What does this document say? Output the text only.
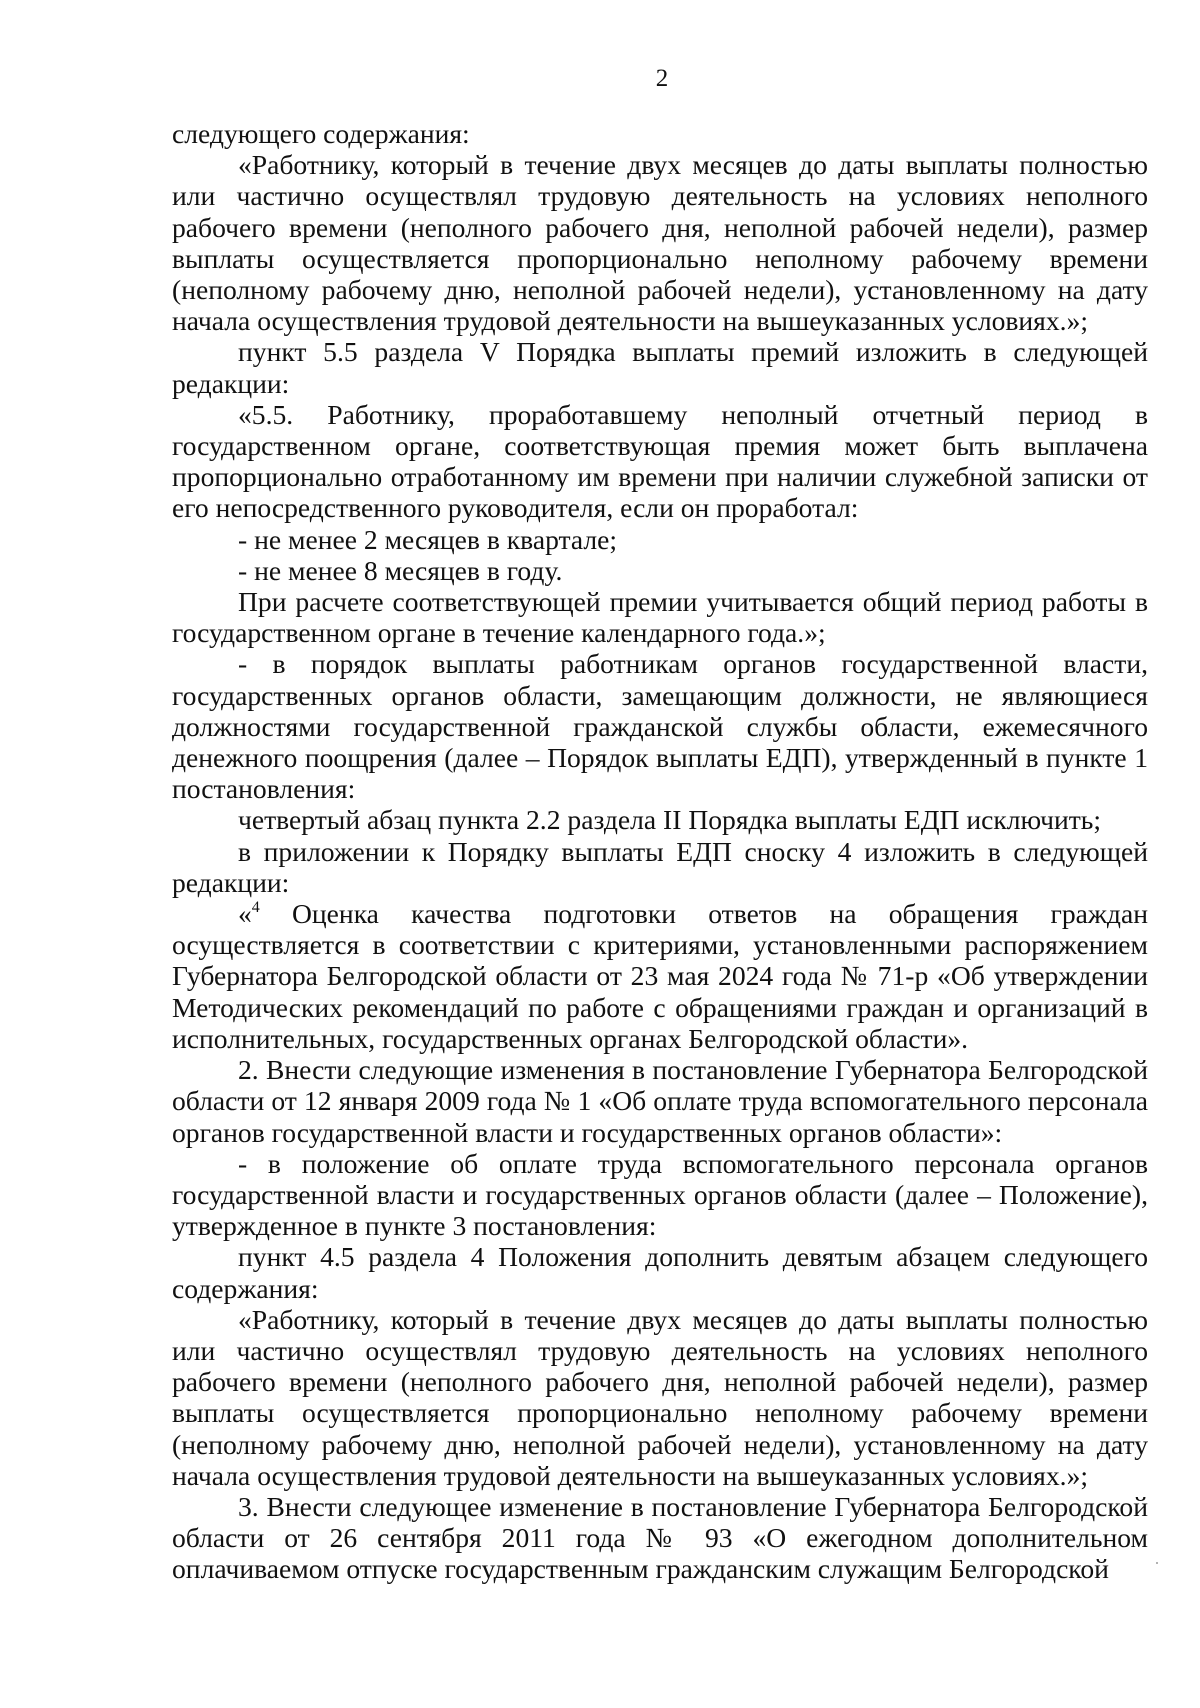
2

следующего содержания:

«Работнику, который в течение двух месяцев до даты выплаты полностью или частично осуществлял трудовую деятельность на условиях неполного рабочего времени (неполного рабочего дня, неполной рабочей недели), размер выплаты осуществляется пропорционально неполному рабочему времени (неполному рабочему дню, неполной рабочей недели), установленному на дату начала осуществления трудовой деятельности на вышеуказанных условиях.»;

пункт 5.5 раздела V Порядка выплаты премий изложить в следующей редакции:

«5.5. Работнику, проработавшему неполный отчетный период в государственном органе, соответствующая премия может быть выплачена пропорционально отработанному им времени при наличии служебной записки от его непосредственного руководителя, если он проработал:

- не менее 2 месяцев в квартале;

- не менее 8 месяцев в году.

При расчете соответствующей премии учитывается общий период работы в государственном органе в течение календарного года.»;

- в порядок выплаты работникам органов государственной власти, государственных органов области, замещающим должности, не являющиеся должностями государственной гражданской службы области, ежемесячного денежного поощрения (далее – Порядок выплаты ЕДП), утвержденный в пункте 1 постановления:

четвертый абзац пункта 2.2 раздела II Порядка выплаты ЕДП исключить;

в приложении к Порядку выплаты ЕДП сноску 4 изложить в следующей редакции:

«$^4$ Оценка качества подготовки ответов на обращения граждан осуществляется в соответствии с критериями, установленными распоряжением Губернатора Белгородской области от 23 мая 2024 года № 71-р «Об утверждении Методических рекомендаций по работе с обращениями граждан и организаций в исполнительных, государственных органах Белгородской области».

2. Внести следующие изменения в постановление Губернатора Белгородской области от 12 января 2009 года № 1 «Об оплате труда вспомогательного персонала органов государственной власти и государственных органов области»:

- в положение об оплате труда вспомогательного персонала органов государственной власти и государственных органов области (далее – Положение), утвержденное в пункте 3 постановления:

пункт 4.5 раздела 4 Положения дополнить девятым абзацем следующего содержания:

«Работнику, который в течение двух месяцев до даты выплаты полностью или частично осуществлял трудовую деятельность на условиях неполного рабочего времени (неполного рабочего дня, неполной рабочей недели), размер выплаты осуществляется пропорционально неполному рабочему времени (неполному рабочему дню, неполной рабочей недели), установленному на дату начала осуществления трудовой деятельности на вышеуказанных условиях.»;

3. Внести следующее изменение в постановление Губернатора Белгородской области от 26 сентября 2011 года № 93 «О ежегодном дополнительном оплачиваемом отпуске государственным гражданским служащим Белгородской
